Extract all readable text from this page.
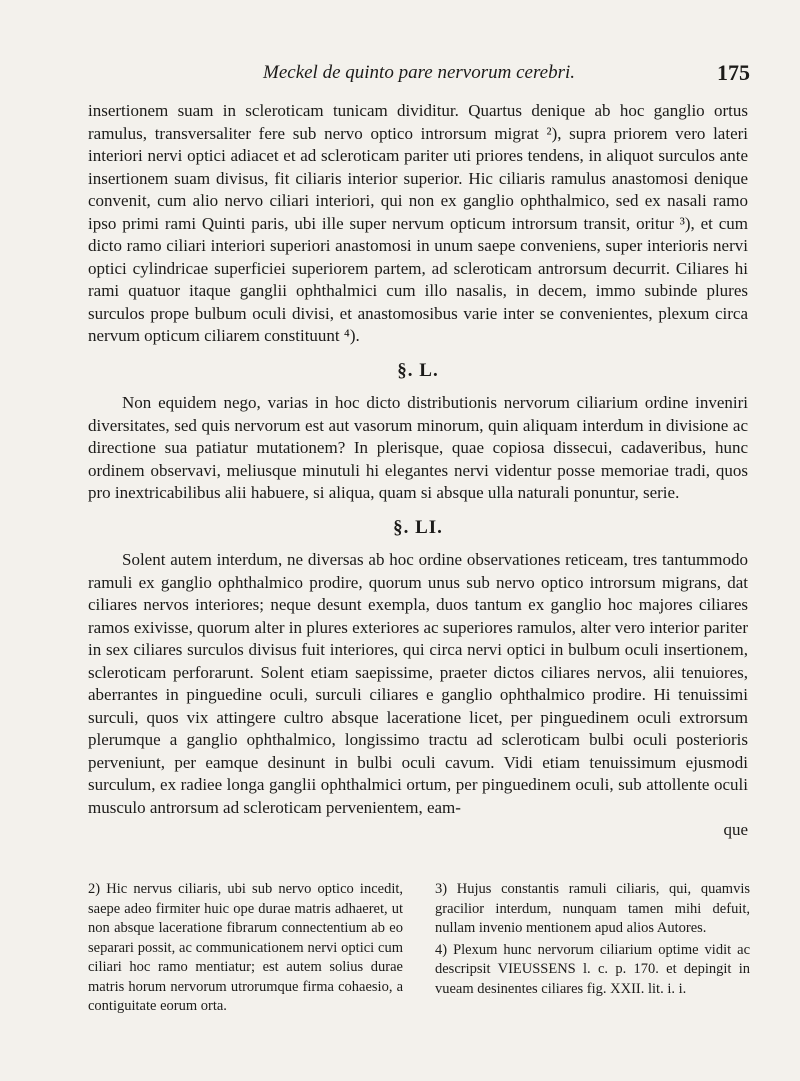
Meckel de quinto pare nervorum cerebri.	175

insertionem suam in scleroticam tunicam dividitur. Quartus denique ab hoc ganglio ortus ramulus, transversaliter fere sub nervo optico introrsum migrat ²), supra priorem vero lateri interiori nervi optici adiacet et ad scleroticam pariter uti priores tendens, in aliquot surculos ante insertionem suam divisus, fit ciliaris interior superior. Hic ciliaris ramulus anastomosi denique convenit, cum alio nervo ciliari interiori, qui non ex ganglio ophthalmico, sed ex nasali ramo ipso primi rami Quinti paris, ubi ille super nervum opticum introrsum transit, oritur ³), et cum dicto ramo ciliari interiori superiori anastomosi in unum saepe conveniens, super interioris nervi optici cylindricae superficiei superiorem partem, ad scleroticam antrorsum decurrit. Ciliares hi rami quatuor itaque ganglii ophthalmici cum illo nasalis, in decem, immo subinde plures surculos prope bulbum oculi divisi, et anastomosibus varie inter se convenientes, plexum circa nervum opticum ciliarem constituunt ⁴).

§. L.

Non equidem nego, varias in hoc dicto distributionis nervorum ciliarium ordine inveniri diversitates, sed quis nervorum est aut vasorum minorum, quin aliquam interdum in divisione ac directione sua patiatur mutationem? In plerisque, quae copiosa dissecui, cadaveribus, hunc ordinem observavi, meliusque minutuli hi elegantes nervi videntur posse memoriae tradi, quos pro inextricabilibus alii habuere, si aliqua, quam si absque ulla naturali ponuntur, serie.

§. LI.

Solent autem interdum, ne diversas ab hoc ordine observationes reticeam, tres tantummodo ramuli ex ganglio ophthalmico prodire, quorum unus sub nervo optico introrsum migrans, dat ciliares nervos interiores; neque desunt exempla, duos tantum ex ganglio hoc majores ciliares ramos exivisse, quorum alter in plures exteriores ac superiores ramulos, alter vero interior pariter in sex ciliares surculos divisus fuit interiores, qui circa nervi optici in bulbum oculi insertionem, scleroticam perforarunt. Solent etiam saepissime, praeter dictos ciliares nervos, alii tenuiores, aberrantes in pinguedine oculi, surculi ciliares e ganglio ophthalmico prodire. Hi tenuissimi surculi, quos vix attingere cultro absque laceratione licet, per pinguedinem oculi extrorsum plerumque a ganglio ophthalmico, longissimo tractu ad scleroticam bulbi oculi posterioris perveniunt, per eamque desinunt in bulbi oculi cavum. Vidi etiam tenuissimum ejusmodi surculum, ex radiee longa ganglii ophthalmici ortum, per pinguedinem oculi, sub attollente oculi musculo antrorsum ad scleroticam pervenientem, eam-

que

2) Hic nervus ciliaris, ubi sub nervo optico incedit, saepe adeo firmiter huic ope durae matris adhaeret, ut non absque laceratione fibrarum connectentium ab eo separari possit, ac communicationem nervi optici cum ciliari hoc ramo mentiatur; est autem solius durae matris horum nervorum utrorumque firma cohaesio, a contiguitate eorum orta.

3) Hujus constantis ramuli ciliaris, qui, quamvis gracilior interdum, nunquam tamen mihi defuit, nullam invenio mentionem apud alios Autores.

4) Plexum hunc nervorum ciliarium optime vidit ac descripsit VIEUSSENS l. c. p. 170. et depingit in vueam desinentes ciliares fig. XXII. lit. i. i.
